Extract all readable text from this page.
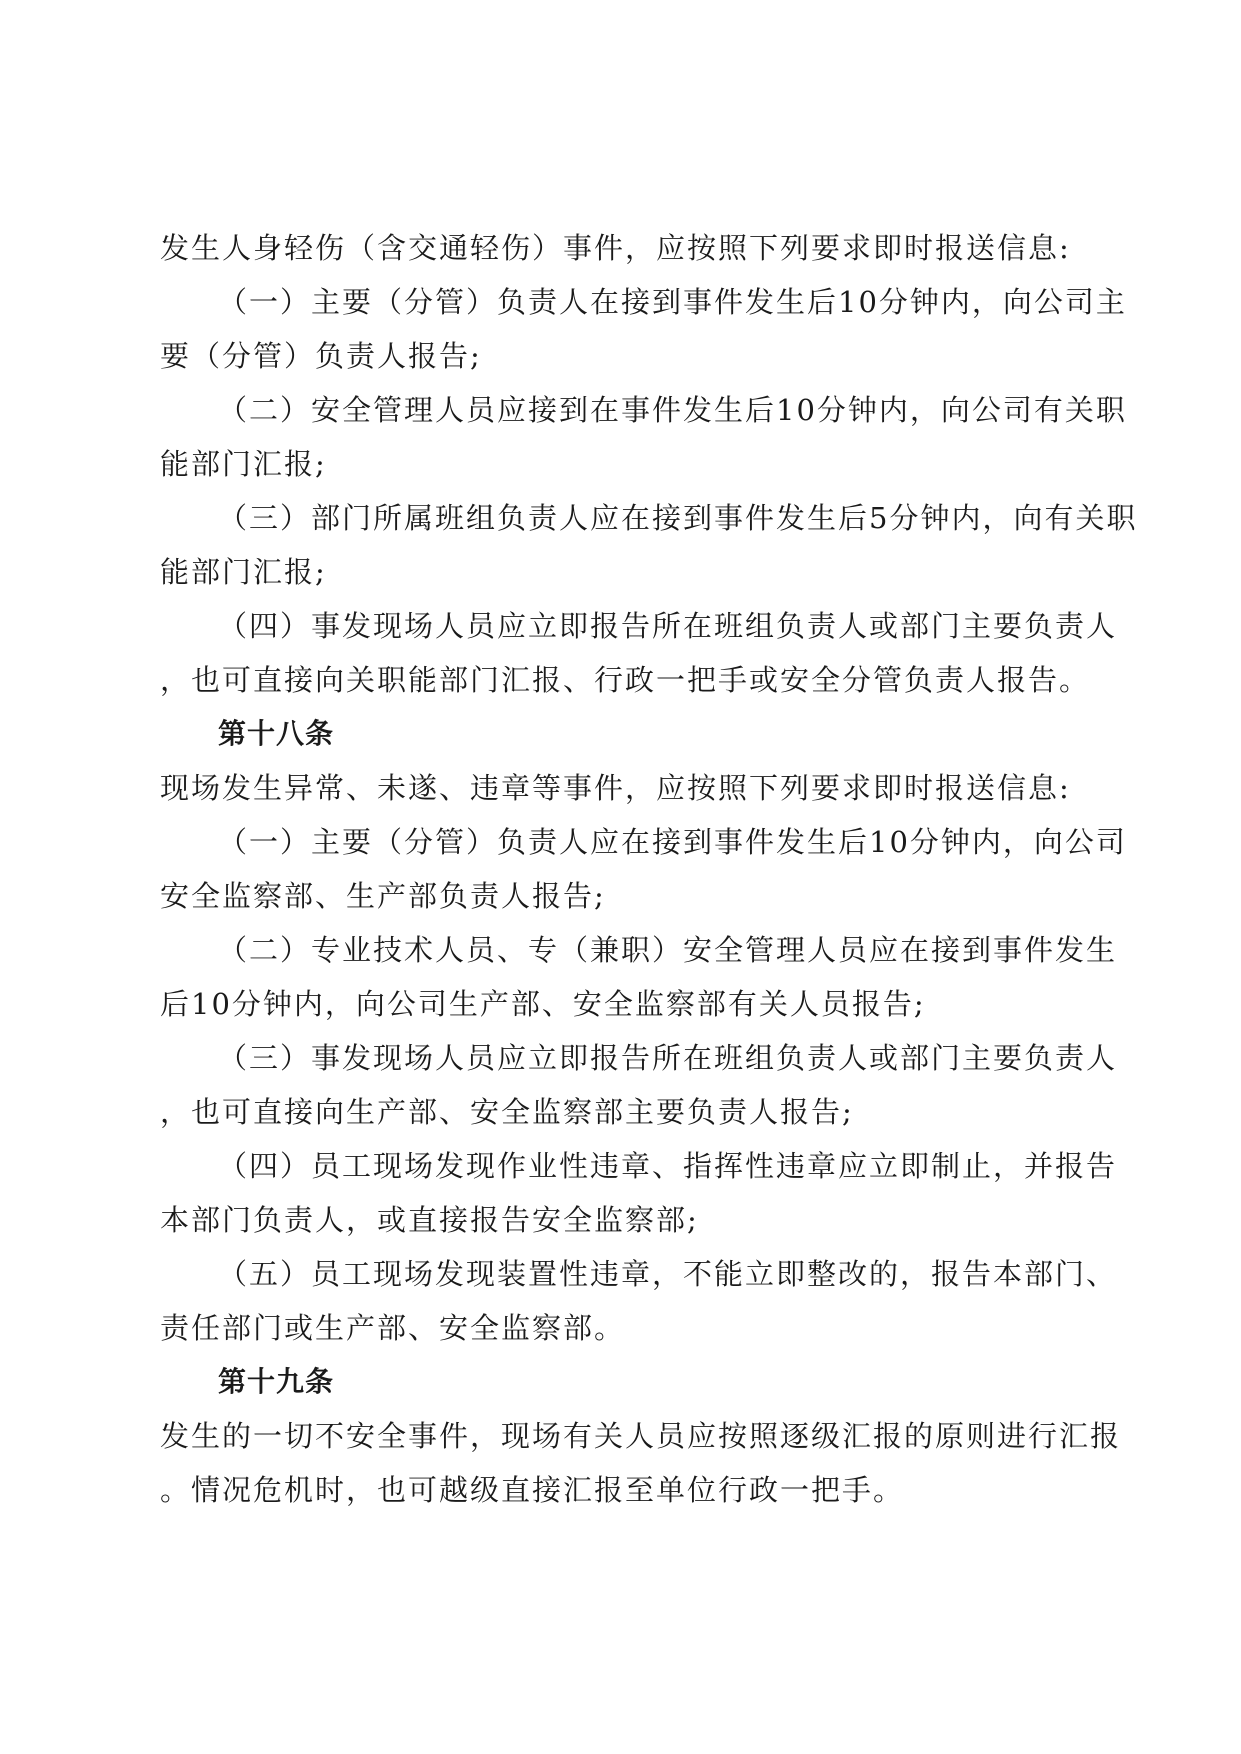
发生人身轻伤（含交通轻伤）事件，应按照下列要求即时报送信息:

（一）主要（分管）负责人在接到事件发生后10分钟内，向公司主

要（分管）负责人报告;

（二）安全管理人员应接到在事件发生后10分钟内，向公司有关职

能部门汇报;

（三）部门所属班组负责人应在接到事件发生后5分钟内，向有关职

能部门汇报;

（四）事发现场人员应立即报告所在班组负责人或部门主要负责人

，也可直接向关职能部门汇报、行政一把手或安全分管负责人报告。

第十八条

现场发生异常、未遂、违章等事件，应按照下列要求即时报送信息:

（一）主要（分管）负责人应在接到事件发生后10分钟内，向公司

安全监察部、生产部负责人报告;

（二）专业技术人员、专（兼职）安全管理人员应在接到事件发生

后10分钟内，向公司生产部、安全监察部有关人员报告;

（三）事发现场人员应立即报告所在班组负责人或部门主要负责人

，也可直接向生产部、安全监察部主要负责人报告;

（四）员工现场发现作业性违章、指挥性违章应立即制止，并报告

本部门负责人，或直接报告安全监察部;

（五）员工现场发现装置性违章，不能立即整改的，报告本部门、

责任部门或生产部、安全监察部。

第十九条

发生的一切不安全事件，现场有关人员应按照逐级汇报的原则进行汇报

。情况危机时，也可越级直接汇报至单位行政一把手。
